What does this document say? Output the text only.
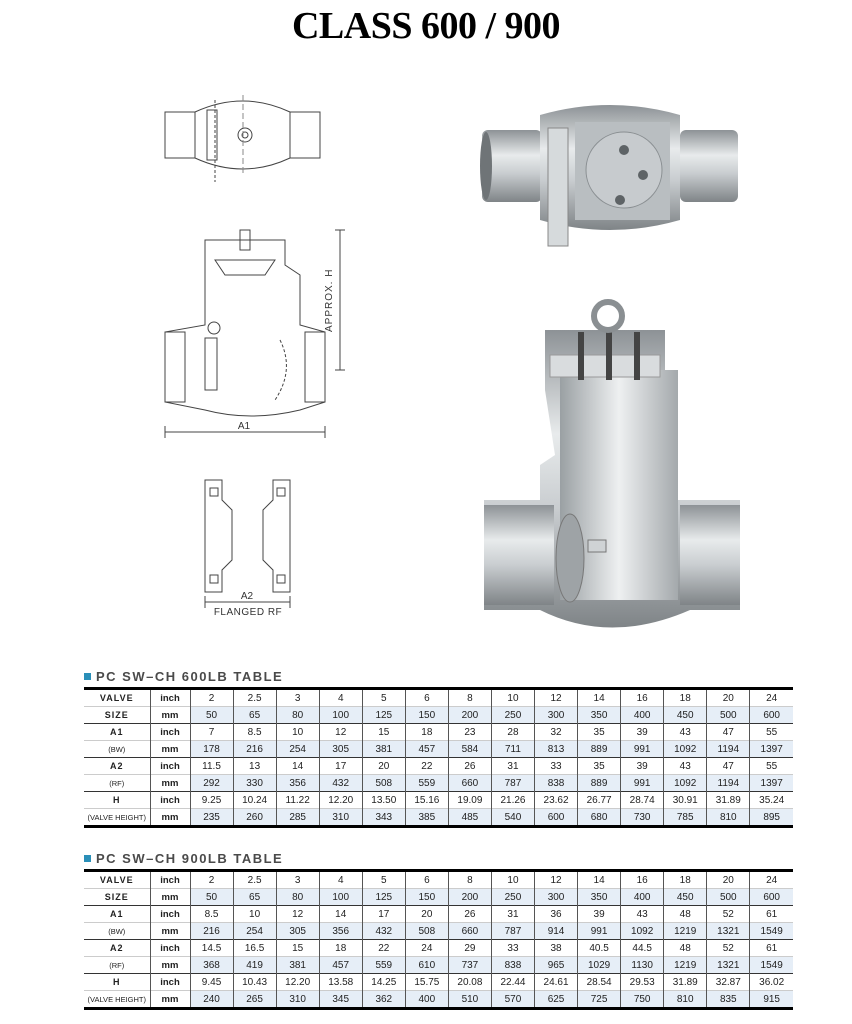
CLASS 600 / 900
APPROX. H
A1
A2
FLANGED RF
PC SW–CH 600LB TABLE
VALVE	inch	2	2.5	3	4	5	6	8	10	12	14	16	18	20	24
SIZE	mm	50	65	80	100	125	150	200	250	300	350	400	450	500	600
A1	inch	7	8.5	10	12	15	18	23	28	32	35	39	43	47	55

(BW)	mm	178	216	254	305	381	457	584	711	813	889	991	1092	1194	1397
A2	inch	11.5	13	14	17	20	22	26	31	33	35	39	43	47	55

(RF)	mm	292	330	356	432	508	559	660	787	838	889	991	1092	1194	1397
H	inch	9.25	10.24	11.22	12.20	13.50	15.16	19.09	21.26	23.62	26.77	28.74	30.91	31.89	35.24

(VALVE HEIGHT)	mm	235	260	285	310	343	385	485	540	600	680	730	785	810	895
PC SW–CH 900LB TABLE
VALVE	inch	2	2.5	3	4	5	6	8	10	12	14	16	18	20	24
SIZE	mm	50	65	80	100	125	150	200	250	300	350	400	450	500	600
A1	inch	8.5	10	12	14	17	20	26	31	36	39	43	48	52	61

(BW)	mm	216	254	305	356	432	508	660	787	914	991	1092	1219	1321	1549
A2	inch	14.5	16.5	15	18	22	24	29	33	38	40.5	44.5	48	52	61

(RF)	mm	368	419	381	457	559	610	737	838	965	1029	1130	1219	1321	1549
H	inch	9.45	10.43	12.20	13.58	14.25	15.75	20.08	22.44	24.61	28.54	29.53	31.89	32.87	36.02

(VALVE HEIGHT)	mm	240	265	310	345	362	400	510	570	625	725	750	810	835	915
